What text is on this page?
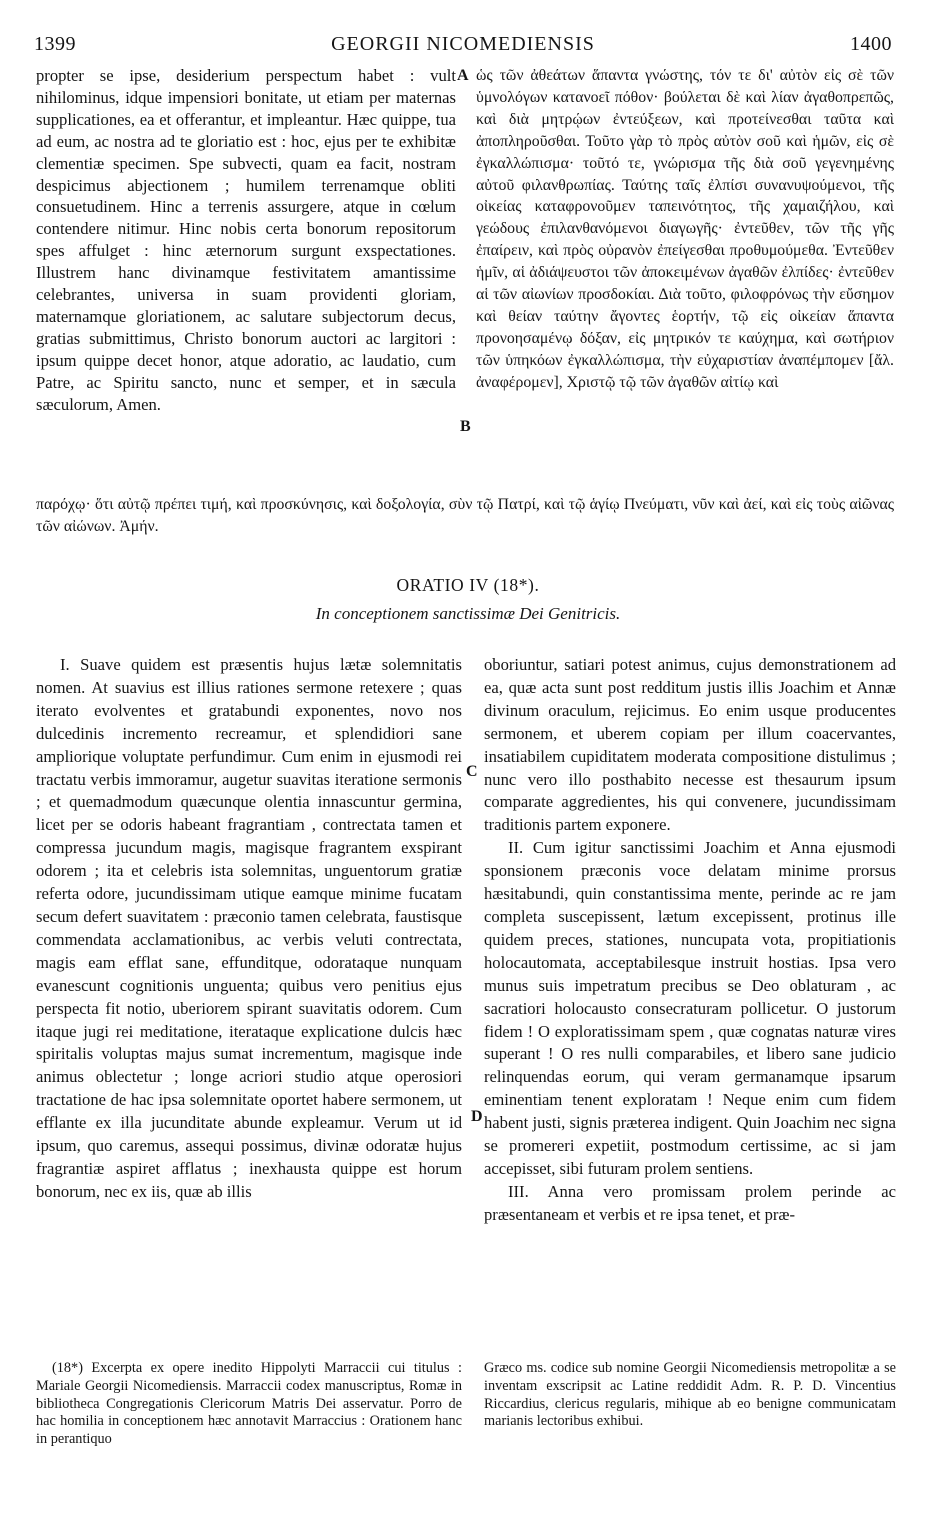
1399	GEORGII NICOMEDIENSIS	1400

propter se ipse, desiderium perspectum habet : vult nihilominus, idque impensiori bonitate, ut etiam per maternas supplicationes, ea et offerantur, et impleantur. Hæc quippe, tua ad eum, ac nostra ad te gloriatio est : hoc, ejus per te exhibitæ clementiæ specimen. Spe subvecti, quam ea facit, nostram despicimus abjectionem ; humilem terrenamque obliti consuetudinem. Hinc a terrenis assurgere, atque in cœlum contendere nitimur. Hinc nobis certa bonorum repositorum spes affulget : hinc æternorum surgunt exspectationes. Illustrem hanc divinamque festivitatem amantissime celebrantes, universa in suam providenti gloriam, maternamque gloriationem, ac salutare subjectorum decus, gratias submittimus, Christo bonorum auctori ac largitori : ipsum quippe decet honor, atque adoratio, ac laudatio, cum Patre, ac Spiritu sancto, nunc et semper, et in sæcula sæculorum, Amen.

ὡς τῶν ἀθεάτων ἅπαντα γνώστης, τόν τε δι' αὐτὸν εἰς σὲ τῶν ὑμνολόγων κατανοεῖ πόθον· βούλεται δὲ καὶ λίαν ἀγαθοπρεπῶς, καὶ διὰ μητρῴων ἐντεύξεων, καὶ προτείνεσθαι ταῦτα καὶ ἀποπληροῦσθαι. Τοῦτο γὰρ τὸ πρὸς αὐτὸν σοῦ καὶ ἡμῶν, εἰς σὲ ἐγκαλλώπισμα· τοῦτό τε, γνώρισμα τῆς διὰ σοῦ γεγενημένης αὐτοῦ φιλανθρωπίας. Ταύτης ταῖς ἐλπίσι συνανυψούμενοι, τῆς οἰκείας καταφρονοῦμεν ταπεινότητος, τῆς χαμαιζήλου, καὶ γεώδους ἐπιλανθανόμενοι διαγωγῆς· ἐντεῦθεν, τῶν τῆς γῆς ἐπαίρειν, καὶ πρὸς οὐρανὸν ἐπείγεσθαι προθυμούμεθα. Ἐντεῦθεν ἡμῖν, αἱ ἀδιάψευστοι τῶν ἀποκειμένων ἀγαθῶν ἐλπίδες· ἐντεῦθεν αἱ τῶν αἰωνίων προσδοκίαι. Διὰ τοῦτο, φιλοφρόνως τὴν εὔσημον καὶ θείαν ταύτην ἄγοντες ἑορτήν, τῷ εἰς οἰκείαν ἅπαντα προνοησαμένῳ δόξαν, εἰς μητρικόν τε καύχημα, καὶ σωτήριον τῶν ὑπηκόων ἐγκαλλώπισμα, τὴν εὐχαριστίαν ἀναπέμπομεν [ἄλ. ἀναφέρομεν], Χριστῷ τῷ τῶν ἀγαθῶν αἰτίῳ καὶ

A
B

παρόχῳ· ὅτι αὐτῷ πρέπει τιμή, καὶ προσκύνησις, καὶ δοξολογία, σὺν τῷ Πατρί, καὶ τῷ ἁγίῳ Πνεύματι, νῦν καὶ ἀεί, καὶ εἰς τοὺς αἰῶνας τῶν αἰώνων. Ἀμήν.

ORATIO IV (18*).
In conceptionem sanctissimæ Dei Genitricis.

I. Suave quidem est præsentis hujus lætæ solemnitatis nomen. At suavius est illius rationes sermone retexere ; quas iterato evolventes et gratabundi exponentes, novo nos dulcedinis incremento recreamur, et splendidiori sane ampliorique voluptate perfundimur. Cum enim in ejusmodi rei tractatu verbis immoramur, augetur suavitas iteratione sermonis ; et quemadmodum quæcunque olentia innascuntur germina, licet per se odoris habeant fragrantiam , contrectata tamen et compressa jucundum magis, magisque fragrantem exspirant odorem ; ita et celebris ista solemnitas, unguentorum gratiæ referta odore, jucundissimam utique eamque minime fucatam secum defert suavitatem : præconio tamen celebrata, faustisque commendata acclamationibus, ac verbis veluti contrectata, magis eam efflat sane, effunditque, odorataque nunquam evanescunt cognitionis unguenta; quibus vero penitius ejus perspecta fit notio, uberiorem spirant suavitatis odorem. Cum itaque jugi rei meditatione, iterataque explicatione dulcis hæc spiritalis voluptas majus sumat incrementum, magisque inde animus oblectetur ; longe acriori studio atque operosiori tractatione de hac ipsa solemnitate oportet habere sermonem, ut efflante ex illa jucunditate abunde expleamur. Verum ut id ipsum, quo caremus, assequi possimus, divinæ odoratæ hujus fragrantiæ aspiret afflatus ; inexhausta quippe est horum bonorum, nec ex iis, quæ ab illis

C
D

oboriuntur, satiari potest animus, cujus demonstrationem ad ea, quæ acta sunt post redditum justis illis Joachim et Annæ divinum oraculum, rejicimus. Eo enim usque producentes sermonem, et uberem copiam per illum coacervantes, insatiabilem cupiditatem moderata compositione distulimus ; nunc vero illo posthabito necesse est thesaurum ipsum comparate aggredientes, his qui convenere, jucundissimam traditionis partem exponere.

II. Cum igitur sanctissimi Joachim et Anna ejusmodi sponsionem præconis voce delatam minime prorsus hæsitabundi, quin constantissima mente, perinde ac re jam completa suscepissent, lætum excepissent, protinus ille quidem preces, stationes, nuncupata vota, propitiationis holocautomata, acceptabilesque instruit hostias. Ipsa vero munus suis impetratum precibus se Deo oblaturam , ac sacratiori holocausto consecraturam pollicetur. O justorum fidem ! O exploratissimam spem , quæ cognatas naturæ vires superant ! O res nulli comparabiles, et libero sane judicio relinquendas eorum, qui veram germanamque ipsarum eminentiam tenent exploratam ! Neque enim cum fidem habent justi, signis præterea indigent. Quin Joachim nec signa se promereri expetiit, postmodum certissime, ac si jam accepisset, sibi futuram prolem sentiens.

III. Anna vero promissam prolem perinde ac præsentaneam et verbis et re ipsa tenet, et præ-

(18*) Excerpta ex opere inedito Hippolyti Marraccii cui titulus : Mariale Georgii Nicomediensis. Marraccii codex manuscriptus, Romæ in bibliotheca Congregationis Clericorum Matris Dei asservatur. Porro de hac homilia in conceptionem hæc annotavit Marraccius : Orationem hanc in perantiquo

Græco ms. codice sub nomine Georgii Nicomediensis metropolitæ a se inventam exscripsit ac Latine reddidit Adm. R. P. D. Vincentius Riccardius, clericus regularis, mihique ab eo benigne communicatam marianis lectoribus exhibui.
